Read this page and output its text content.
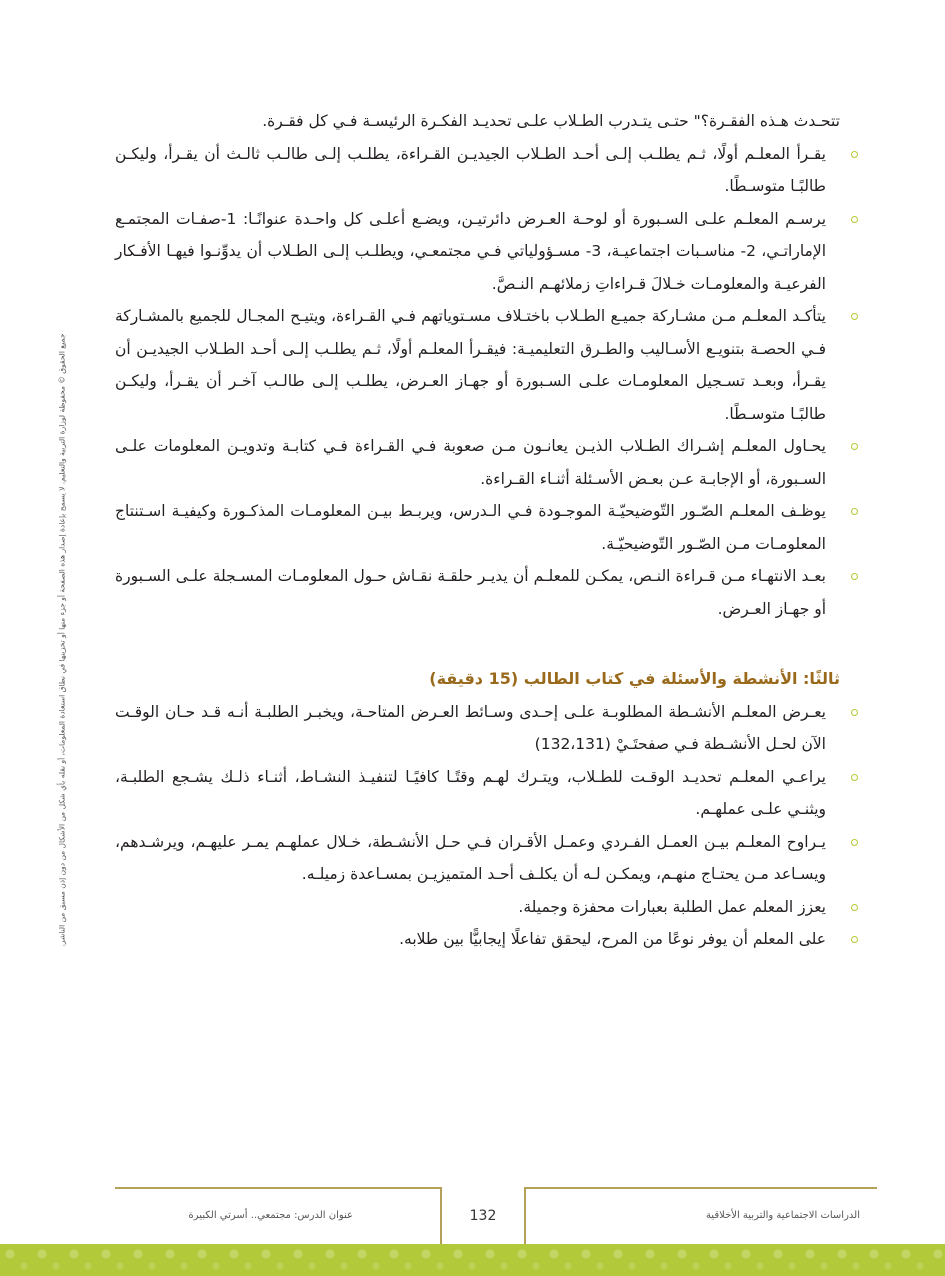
جميع الحقوق © محفوظة لوزارة التربية والتعليم. لا يسمح بإعادة إصدار هذه الصفحة أو جزء منها أو تخزينها في نطاق استعادة المعلومات، أو نقله بأي شكل من الأشكال من دون إذن مسبق من الناشر.

تتحـدث هـذه الفقـرة؟" حتـى يتـدرب الطـلاب علـى تحديـد الفكـرة الرئيسـة فـي كل فقـرة.

يقـرأ المعلـم أولًا، ثـم يطلـب إلـى أحـد الطـلاب الجيديـن القـراءة، يطلـب إلـى طالـب ثالـث أن يقـرأ، وليكـن طالبًـا متوسـطًا.
يرسـم المعلـم علـى السـبورة أو لوحـة العـرض دائرتيـن، ويضـع أعلـى كل واحـدة عنوانًـا: 1-صفـات المجتمـع الإماراتـي، 2- مناسـبات اجتماعيـة، 3- مسـؤولياتي فـي مجتمعـي، ويطلـب إلـى الطـلاب أن يدوِّنـوا فيهـا الأفـكار الفرعيـة والمعلومـات خـلالَ قـراءاتِ زملائهـم النـصَّ.
يتأكـد المعلـم مـن مشـاركة جميـع الطـلاب باختـلاف مسـتوياتهم فـي القـراءة، ويتيـح المجـال للجميع بالمشـاركة فـي الحصـة بتنويـع الأسـاليب والطـرق التعليميـة: فيقـرأ المعلـم أولًا، ثـم يطلـب إلـى أحـد الطـلاب الجيديـن أن يقـرأ، وبعـد تسـجيل المعلومـات علـى السـبورة أو جهـاز العـرض، يطلـب إلـى طالـب آخـر أن يقـرأ، وليكـن طالبًـا متوسـطًا.
يحـاول المعلـم إشـراك الطـلاب الذيـن يعانـون مـن صعوبة فـي القـراءة فـي كتابـة وتدويـن المعلومات علـى السـبورة، أو الإجابـة عـن بعـض الأسـئلة أثنـاء القـراءة.
يوظـف المعلـم الصّـور التّوضيحيّـة الموجـودة فـي الـدرس، ويربـط بيـن المعلومـات المذكـورة وكيفيـة اسـتنتاج المعلومـات مـن الصّـور التّوضيحيّـة.
بعـد الانتهـاء مـن قـراءة النـص، يمكـن للمعلـم أن يديـر حلقـة نقـاش حـول المعلومـات المسـجلة علـى السـبورة أو جهـاز العـرض.
ثالثًا: الأنشطة والأسئلة في كتاب الطالب (15 دقيقة)
يعـرض المعلـم الأنشـطة المطلوبـة علـى إحـدى وسـائط العـرض المتاحـة، ويخبـر الطلبـة أنـه قـد حـان الوقـت الآن لحـل الأنشـطة فـي صفحتَـيْ (132،131)
يراعـي المعلـم تحديـد الوقـت للطـلاب، ويتـرك لهـم وقتًـا كافيًـا لتنفيـذ النشـاط، أثنـاء ذلـك يشـجع الطلبـة، ويثنـي علـى عملهـم.
يـراوح المعلـم بيـن العمـل الفـردي وعمـل الأقـران فـي حـل الأنشـطة، خـلال عملهـم يمـر عليهـم، ويرشـدهم، ويسـاعد مـن يحتـاج منهـم، ويمكـن لـه أن يكلـف أحـد المتميزيـن بمسـاعدة زميلـه.
يعزز المعلم عمل الطلبة بعبارات محفزة وجميلة.
على المعلم أن يوفر نوعًا من المرح، ليحقق تفاعلًا إيجابيًّا بين طلابه.
132
عنوان الدرس: مجتمعي.. أسرتي الكبيرة	الدراسات الاجتماعية والتربية الأخلاقية
